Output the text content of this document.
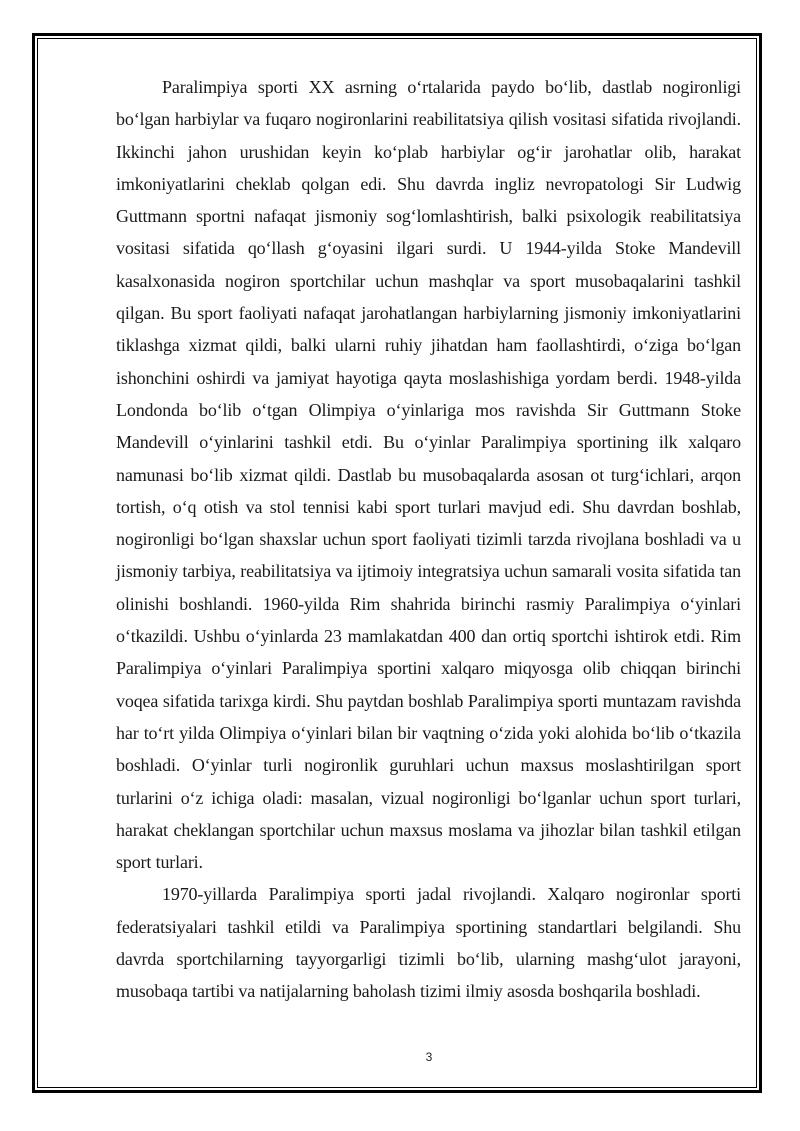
Paralimpiya sporti XX asrning oʻrtalarida paydo boʻlib, dastlab nogironligi boʻlgan harbiylar va fuqaro nogironlarini reabilitatsiya qilish vositasi sifatida rivojlandi. Ikkinchi jahon urushidan keyin koʻplab harbiylar ogʻir jarohatlar olib, harakat imkoniyatlarini cheklab qolgan edi. Shu davrda ingliz nevropatologi Sir Ludwig Guttmann sportni nafaqat jismoniy sogʻlomlashtirish, balki psixologik reabilitatsiya vositasi sifatida qoʻllash gʻoyasini ilgari surdi. U 1944-yilda Stoke Mandevill kasalxonasida nogiron sportchilar uchun mashqlar va sport musobaqalarini tashkil qilgan. Bu sport faoliyati nafaqat jarohatlangan harbiylarning jismoniy imkoniyatlarini tiklashga xizmat qildi, balki ularni ruhiy jihatdan ham faollashtirdi, oʻziga boʻlgan ishonchini oshirdi va jamiyat hayotiga qayta moslashishiga yordam berdi. 1948-yilda Londonda boʻlib oʻtgan Olimpiya oʻyinlariga mos ravishda Sir Guttmann Stoke Mandevill oʻyinlarini tashkil etdi. Bu oʻyinlar Paralimpiya sportining ilk xalqaro namunasi boʻlib xizmat qildi. Dastlab bu musobaqalarda asosan ot turgʻichlari, arqon tortish, oʻq otish va stol tennisi kabi sport turlari mavjud edi. Shu davrdan boshlab, nogironligi boʻlgan shaxslar uchun sport faoliyati tizimli tarzda rivojlana boshladi va u jismoniy tarbiya, reabilitatsiya va ijtimoiy integratsiya uchun samarali vosita sifatida tan olinishi boshlandi. 1960-yilda Rim shahrida birinchi rasmiy Paralimpiya oʻyinlari oʻtkazildi. Ushbu oʻyinlarda 23 mamlakatdan 400 dan ortiq sportchi ishtirok etdi. Rim Paralimpiya oʻyinlari Paralimpiya sportini xalqaro miqyosga olib chiqqan birinchi voqea sifatida tarixga kirdi. Shu paytdan boshlab Paralimpiya sporti muntazam ravishda har toʻrt yilda Olimpiya oʻyinlari bilan bir vaqtning oʻzida yoki alohida boʻlib oʻtkazila boshladi. Oʻyinlar turli nogironlik guruhlari uchun maxsus moslashtirilgan sport turlarini oʻz ichiga oladi: masalan, vizual nogironligi boʻlganlar uchun sport turlari, harakat cheklangan sportchilar uchun maxsus moslama va jihozlar bilan tashkil etilgan sport turlari.

1970-yillarda Paralimpiya sporti jadal rivojlandi. Xalqaro nogironlar sporti federatsiyalari tashkil etildi va Paralimpiya sportining standartlari belgilandi. Shu davrda sportchilarning tayyorgarligi tizimli boʻlib, ularning mashgʻulot jarayoni, musobaqa tartibi va natijalarning baholash tizimi ilmiy asosda boshqarila boshladi.

3
